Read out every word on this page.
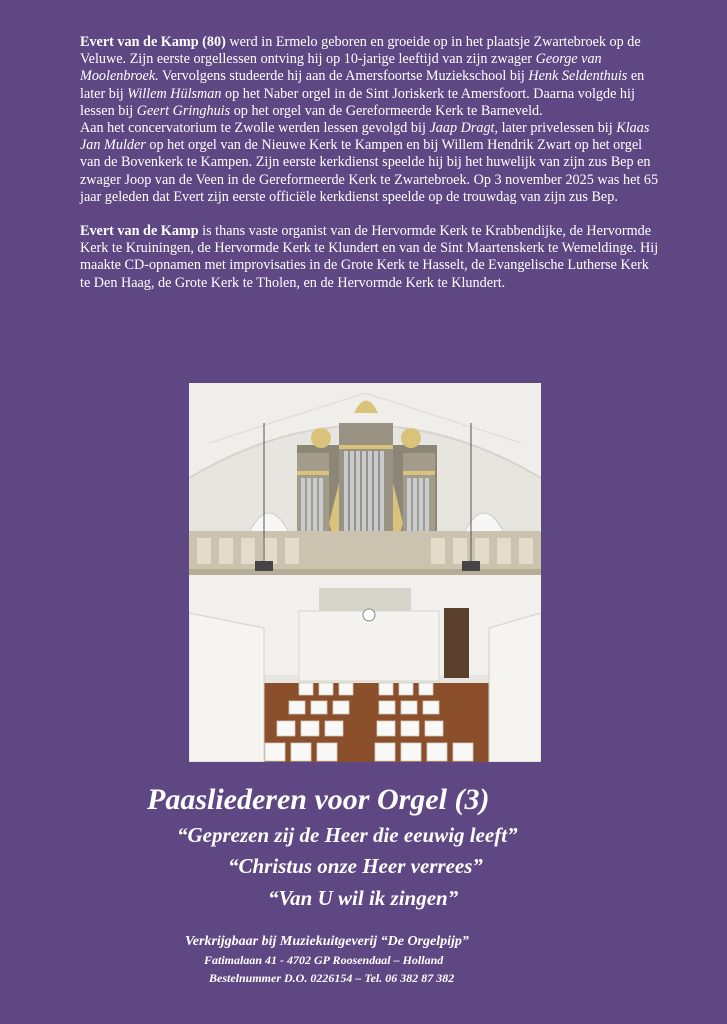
Evert van de Kamp (80) werd in Ermelo geboren en groeide op in het plaatsje Zwartebroek op de Veluwe. Zijn eerste orgellessen ontving hij op 10-jarige leeftijd van zijn zwager George van Moolenbroek. Vervolgens studeerde hij aan de Amersfoortse Muziekschool bij Henk Seldenthuis en later bij Willem Hülsman op het Naber orgel in de Sint Joriskerk te Amersfoort. Daarna volgde hij lessen bij Geert Gringhuis op het orgel van de Gereformeerde Kerk te Barneveld.

Aan het concervatorium te Zwolle werden lessen gevolgd bij Jaap Dragt, later privelessen bij Klaas Jan Mulder op het orgel van de Nieuwe Kerk te Kampen en bij Willem Hendrik Zwart op het orgel van de Bovenkerk te Kampen. Zijn eerste kerkdienst speelde hij bij het huwelijk van zijn zus Bep en zwager Joop van de Veen in de Gereformeerde Kerk te Zwartebroek. Op 3 november 2025 was het 65 jaar geleden dat Evert zijn eerste officiële kerkdienst speelde op de trouwdag van zijn zus Bep.

Evert van de Kamp is thans vaste organist van de Hervormde Kerk te Krabbendijke, de Hervormde Kerk te Kruiningen, de Hervormde Kerk te Klundert en van de Sint Maartenskerk te Wemeldinge. Hij maakte CD-opnamen met improvisaties in de Grote Kerk te Hasselt, de Evangelische Lutherse Kerk te Den Haag, de Grote Kerk te Tholen, en de Hervormde Kerk te Klundert.

Paasliederen voor Orgel (3)
“Geprezen zij de Heer die eeuwig leeft”
“Christus onze Heer verrees”
“Van U wil ik zingen”
Verkrijgbaar bij Muziekuitgeverij “De Orgelpijp”
Fatimalaan 41 - 4702 GP Roosendaal – Holland
Bestelnummer D.O. 0226154 – Tel. 06 382 87 382
